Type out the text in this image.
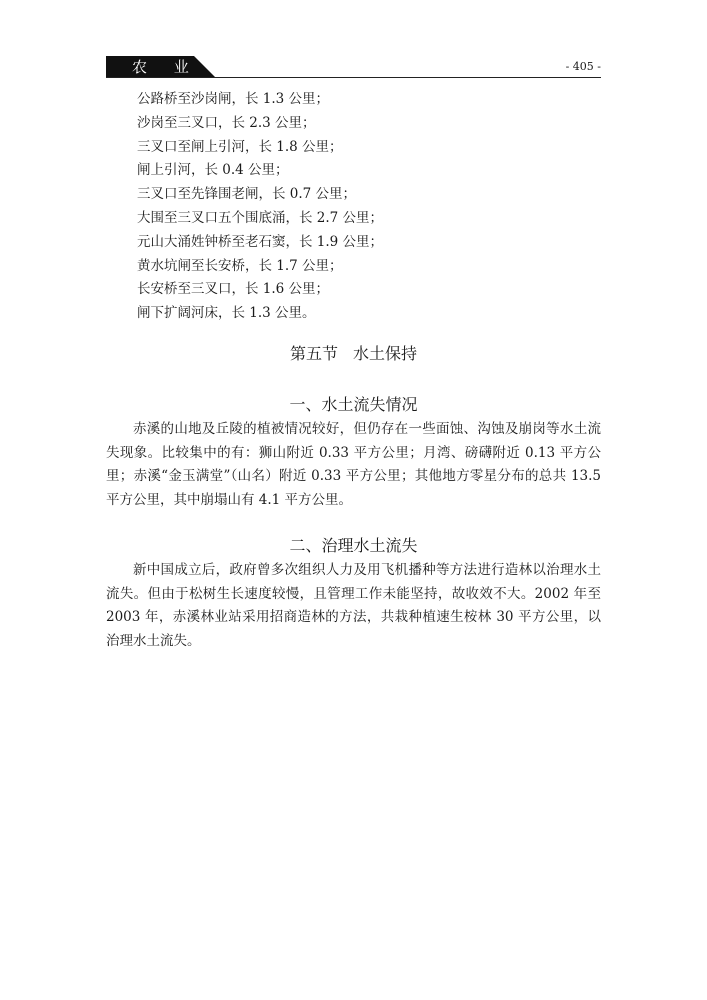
农 业	- 405 -
公路桥至沙岗闸，长 1.3 公里；
沙岗至三叉口，长 2.3 公里；
三叉口至闸上引河，长 1.8 公里；
闸上引河，长 0.4 公里；
三叉口至先锋围老闸，长 0.7 公里；
大围至三叉口五个围底涌，长 2.7 公里；
元山大涌姓钟桥至老石窦，长 1.9 公里；
黄水坑闸至长安桥，长 1.7 公里；
长安桥至三叉口，长 1.6 公里；
闸下扩阔河床，长 1.3 公里。
第五节 水土保持
一、水土流失情况

赤溪的山地及丘陵的植被情况较好，但仍存在一些面蚀、沟蚀及崩岗等水土流失现象。比较集中的有：狮山附近 0.33 平方公里；月湾、磅礴附近 0.13 平方公里；赤溪“金玉满堂”（山名）附近 0.33 平方公里；其他地方零星分布的总共 13.5 平方公里，其中崩塌山有 4.1 平方公里。

二、治理水土流失

新中国成立后，政府曾多次组织人力及用飞机播种等方法进行造林以治理水土流失。但由于松树生长速度较慢，且管理工作未能坚持，故收效不大。2002 年至 2003 年，赤溪林业站采用招商造林的方法，共栽种植速生桉林 30 平方公里，以治理水土流失。
